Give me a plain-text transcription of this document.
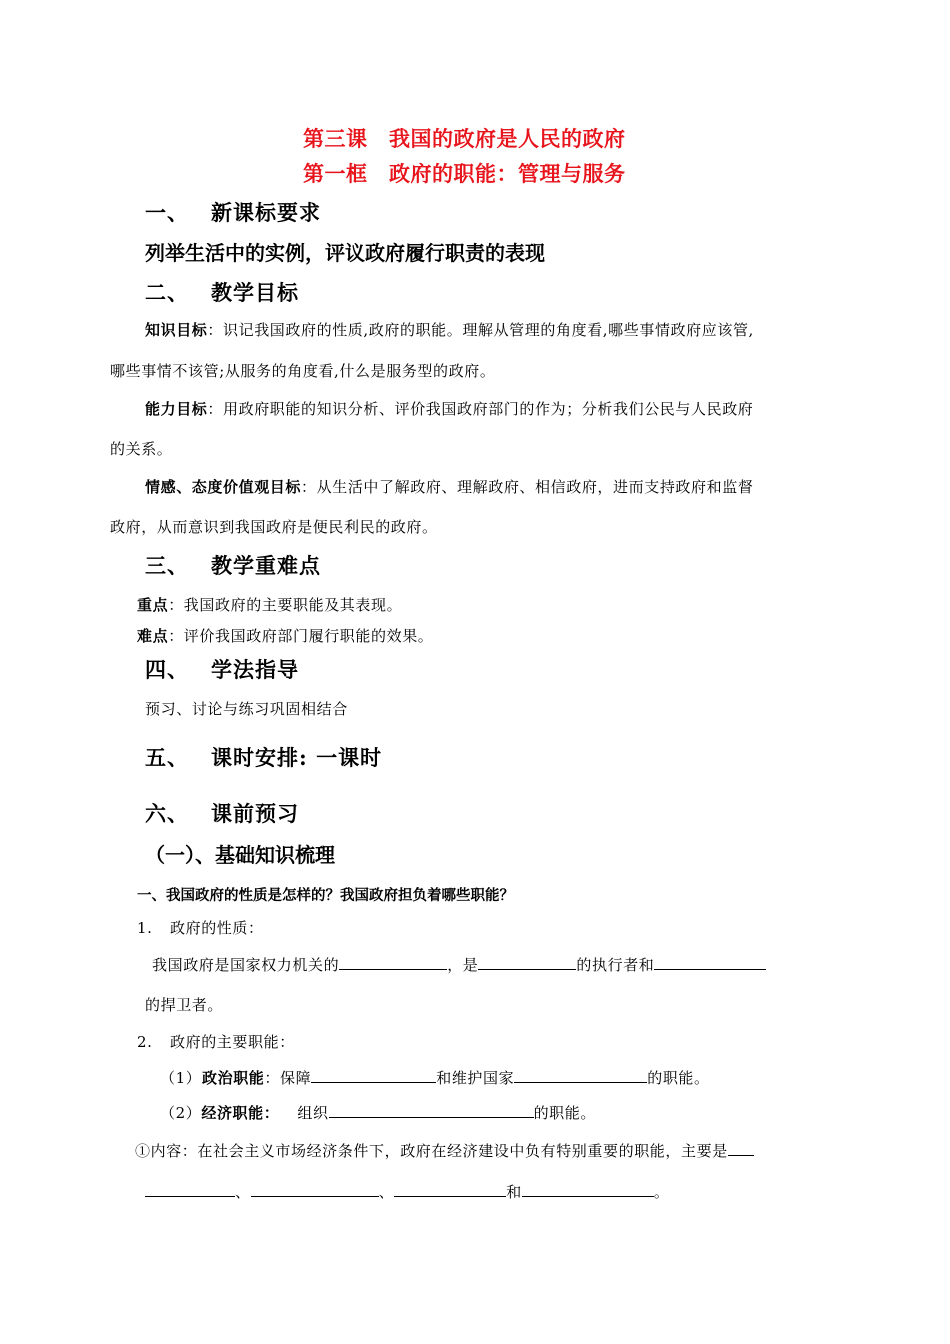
第三课　我国的政府是人民的政府
第一框　政府的职能：管理与服务
一、 新课标要求
列举生活中的实例，评议政府履行职责的表现
二、 教学目标
知识目标：识记我国政府的性质,政府的职能。理解从管理的角度看,哪些事情政府应该管,
哪些事情不该管;从服务的角度看,什么是服务型的政府。
能力目标：用政府职能的知识分析、评价我国政府部门的作为；分析我们公民与人民政府
的关系。
情感、态度价值观目标：从生活中了解政府、理解政府、相信政府，进而支持政府和监督
政府，从而意识到我国政府是便民利民的政府。
三、 教学重难点
重点：我国政府的主要职能及其表现。
难点：评价我国政府部门履行职能的效果。
四、 学法指导
预习、讨论与练习巩固相结合
五、 课时安排: 一课时
六、 课前预习
（一）、基础知识梳理
一、我国政府的性质是怎样的？我国政府担负着哪些职能？
1. 政府的性质：
我国政府是国家权力机关的	，是	的执行者和
的捍卫者。
2. 政府的主要职能：
（1）政治职能：保障	和维护国家	的职能。
（2）经济职能： 组织	的职能。
①内容：在社会主义市场经济条件下，政府在经济建设中负有特别重要的职能，主要是
、	、	和	。
